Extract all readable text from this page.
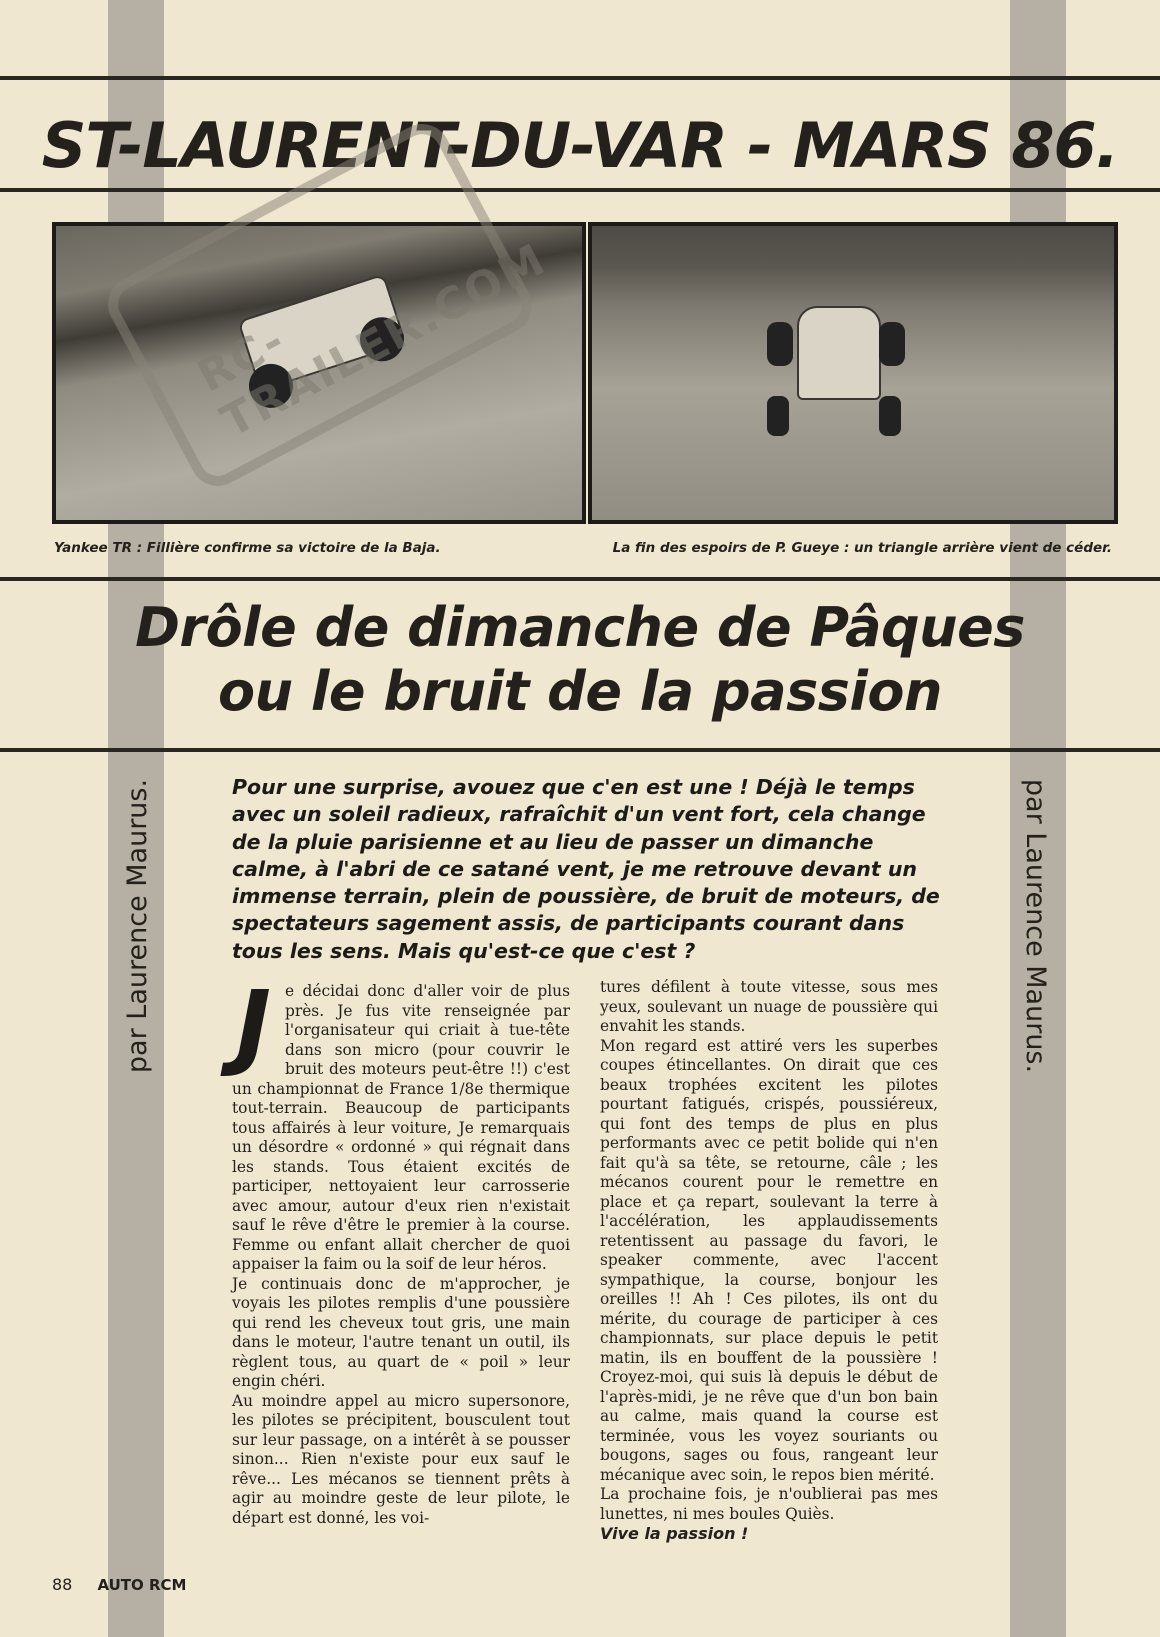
ST-LAURENT-DU-VAR - MARS 86.
RC-TRAILER.COM
Yankee TR : Fillière confirme sa victoire de la Baja.	La fin des espoirs de P. Gueye : un triangle arrière vient de céder.
Drôle de dimanche de Pâques
ou le bruit de la passion
par Laurence Maurus.	par Laurence Maurus.

Pour une surprise, avouez que c'en est une ! Déjà le temps avec un soleil radieux, rafraîchit d'un vent fort, cela change de la pluie parisienne et au lieu de passer un dimanche calme, à l'abri de ce satané vent, je me retrouve devant un immense terrain, plein de poussière, de bruit de moteurs, de spectateurs sagement assis, de participants courant dans tous les sens. Mais qu'est-ce que c'est ?

J e décidai donc d'aller voir de plus près. Je fus vite renseignée par l'organisateur qui criait à tue-tête dans son micro (pour couvrir le bruit des moteurs peut-être !!) c'est un championnat de France 1/8e thermique tout-terrain. Beaucoup de participants tous affairés à leur voiture, Je remarquais un désordre « ordonné » qui régnait dans les stands. Tous étaient excités de participer, nettoyaient leur carrosserie avec amour, autour d'eux rien n'existait sauf le rêve d'être le premier à la course. Femme ou enfant allait chercher de quoi appaiser la faim ou la soif de leur héros.

Je continuais donc de m'approcher, je voyais les pilotes remplis d'une poussière qui rend les cheveux tout gris, une main dans le moteur, l'autre tenant un outil, ils règlent tous, au quart de « poil » leur engin chéri.

Au moindre appel au micro supersonore, les pilotes se précipitent, bousculent tout sur leur passage, on a intérêt à se pousser sinon... Rien n'existe pour eux sauf le rêve... Les mécanos se tiennent prêts à agir au moindre geste de leur pilote, le départ est donné, les voi-

tures défilent à toute vitesse, sous mes yeux, soulevant un nuage de poussière qui envahit les stands.

Mon regard est attiré vers les superbes coupes étincellantes. On dirait que ces beaux trophées excitent les pilotes pourtant fatigués, crispés, poussiéreux, qui font des temps de plus en plus performants avec ce petit bolide qui n'en fait qu'à sa tête, se retourne, câle ; les mécanos courent pour le remettre en place et ça repart, soulevant la terre à l'accélération, les applaudissements retentissent au passage du favori, le speaker commente, avec l'accent sympathique, la course, bonjour les oreilles !! Ah ! Ces pilotes, ils ont du mérite, du courage de participer à ces championnats, sur place depuis le petit matin, ils en bouffent de la poussière ! Croyez-moi, qui suis là depuis le début de l'après-midi, je ne rêve que d'un bon bain au calme, mais quand la course est terminée, vous les voyez souriants ou bougons, sages ou fous, rangeant leur mécanique avec soin, le repos bien mérité.

La prochaine fois, je n'oublierai pas mes lunettes, ni mes boules Quiès.

Vive la passion !

88 AUTO RCM
